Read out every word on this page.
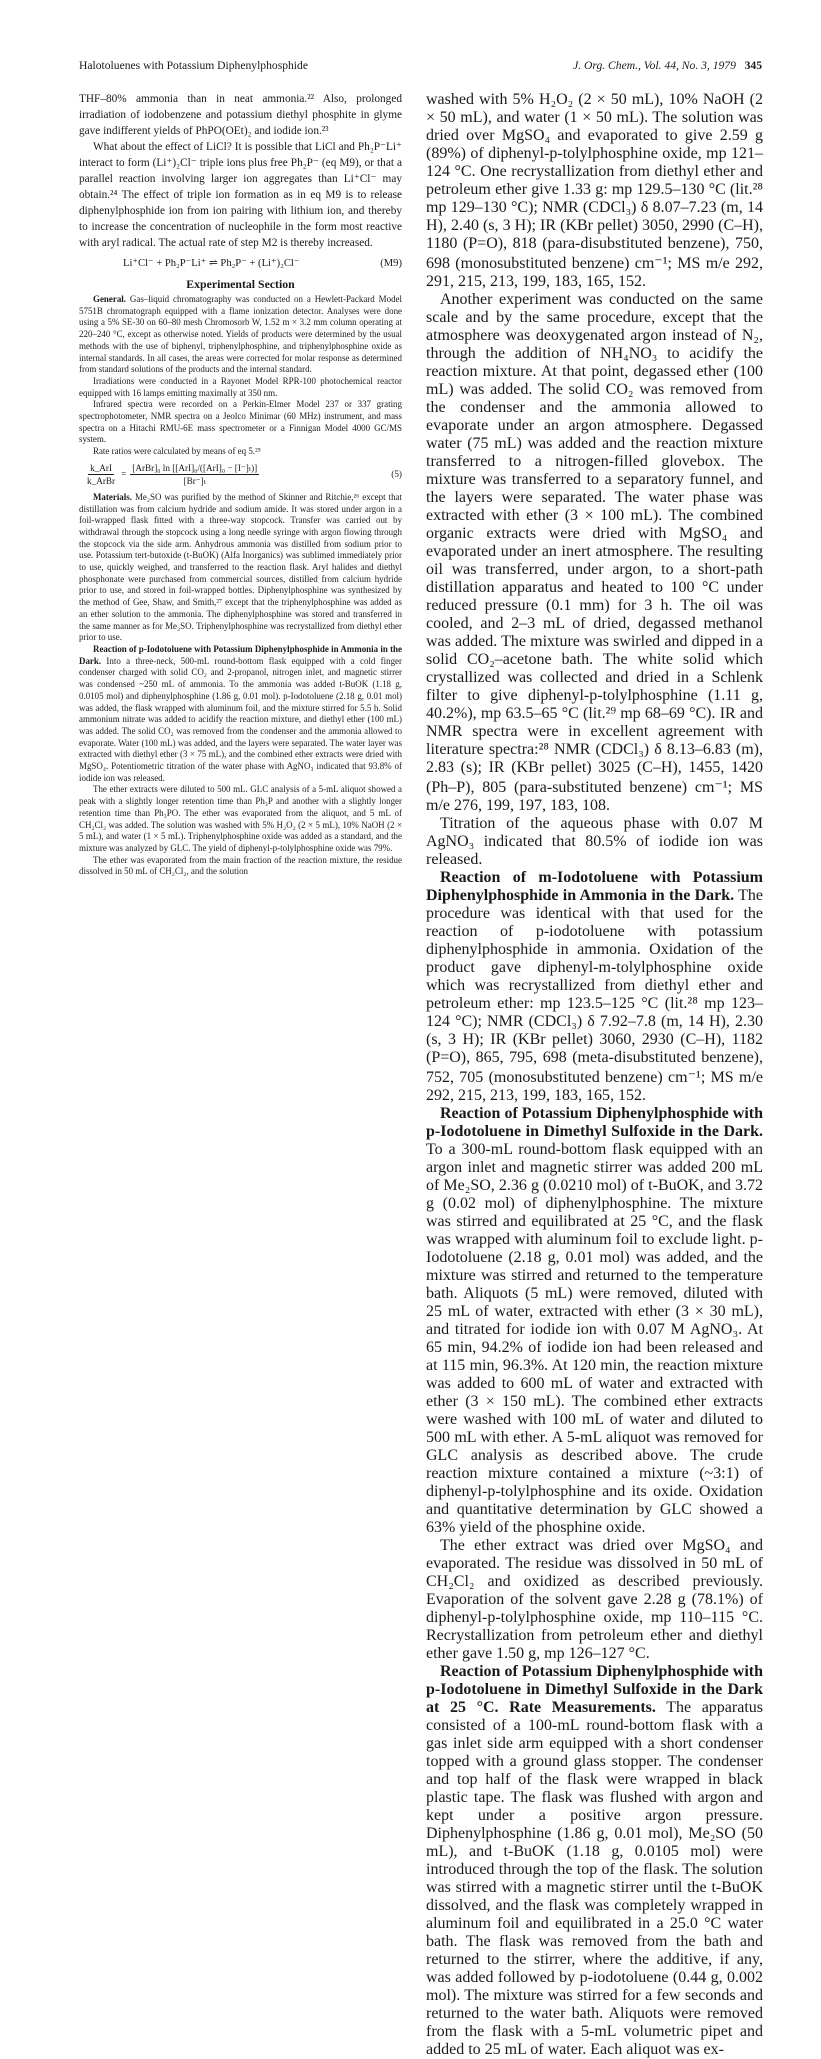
Halotoluenes with Potassium Diphenylphosphide	J. Org. Chem., Vol. 44, No. 3, 1979 345

THF–80% ammonia than in neat ammonia.²² Also, prolonged irradiation of iodobenzene and potassium diethyl phosphite in glyme gave indifferent yields of PhPO(OEt)₂ and iodide ion.²³

What about the effect of LiCl? It is possible that LiCl and Ph₂P⁻Li⁺ interact to form (Li⁺)₂Cl⁻ triple ions plus free Ph₂P⁻ (eq M9), or that a parallel reaction involving larger ion aggregates than Li⁺Cl⁻ may obtain.²⁴ The effect of triple ion formation as in eq M9 is to release diphenylphosphide ion from ion pairing with lithium ion, and thereby to increase the concentration of nucleophile in the form most reactive with aryl radical. The actual rate of step M2 is thereby increased.

Li⁺Cl⁻ + Ph₂P⁻Li⁺ ⇌ Ph₂P⁻ + (Li⁺)₂Cl⁻	(M9)
Experimental Section

General. Gas–liquid chromatography was conducted on a Hewlett-Packard Model 5751B chromatograph equipped with a flame ionization detector. Analyses were done using a 5% SE-30 on 60–80 mesh Chromosorb W, 1.52 m × 3.2 mm column operating at 220–240 °C, except as otherwise noted. Yields of products were determined by the usual methods with the use of biphenyl, triphenylphosphine, and triphenylphosphine oxide as internal standards. In all cases, the areas were corrected for molar response as determined from standard solutions of the products and the internal standard.

Irradiations were conducted in a Rayonet Model RPR-100 photochemical reactor equipped with 16 lamps emitting maximally at 350 nm.

Infrared spectra were recorded on a Perkin-Elmer Model 237 or 337 grating spectrophotometer, NMR spectra on a Jeolco Minimar (60 MHz) instrument, and mass spectra on a Hitachi RMU-6E mass spectrometer or a Finnigan Model 4000 GC/MS system.

Rate ratios were calculated by means of eq 5.²⁵

$\frac{\text{k\_ArI}}{\text{k\_ArBr}} = \frac{\text{[ArBr]₀ ln [[ArI]₀/([ArI]₀ − [I⁻]ₜ)]}}{\text{[Br⁻]ₜ}}$	(5)

Materials. Me₂SO was purified by the method of Skinner and Ritchie,²⁶ except that distillation was from calcium hydride and sodium amide. It was stored under argon in a foil-wrapped flask fitted with a three-way stopcock. Transfer was carried out by withdrawal through the stopcock using a long needle syringe with argon flowing through the stopcock via the side arm. Anhydrous ammonia was distilled from sodium prior to use. Potassium tert-butoxide (t-BuOK) (Alfa Inorganics) was sublimed immediately prior to use, quickly weighed, and transferred to the reaction flask. Aryl halides and diethyl phosphonate were purchased from commercial sources, distilled from calcium hydride prior to use, and stored in foil-wrapped bottles. Diphenylphosphine was synthesized by the method of Gee, Shaw, and Smith,²⁷ except that the triphenylphosphine was added as an ether solution to the ammonia. The diphenylphosphine was stored and transferred in the same manner as for Me₂SO. Triphenylphosphine was recrystallized from diethyl ether prior to use.

Reaction of p-Iodotoluene with Potassium Diphenylphosphide in Ammonia in the Dark. Into a three-neck, 500-mL round-bottom flask equipped with a cold finger condenser charged with solid CO₂ and 2-propanol, nitrogen inlet, and magnetic stirrer was condensed ~250 mL of ammonia. To the ammonia was added t-BuOK (1.18 g, 0.0105 mol) and diphenylphosphine (1.86 g, 0.01 mol). p-Iodotoluene (2.18 g, 0.01 mol) was added, the flask wrapped with aluminum foil, and the mixture stirred for 5.5 h. Solid ammonium nitrate was added to acidify the reaction mixture, and diethyl ether (100 mL) was added. The solid CO₂ was removed from the condenser and the ammonia allowed to evaporate. Water (100 mL) was added, and the layers were separated. The water layer was extracted with diethyl ether (3 × 75 mL), and the combined ether extracts were dried with MgSO₄. Potentiometric titration of the water phase with AgNO₃ indicated that 93.8% of iodide ion was released.

The ether extracts were diluted to 500 mL. GLC analysis of a 5-mL aliquot showed a peak with a slightly longer retention time than Ph₃P and another with a slightly longer retention time than Ph₃PO. The ether was evaporated from the aliquot, and 5 mL of CH₂Cl₂ was added. The solution was washed with 5% H₂O₂ (2 × 5 mL), 10% NaOH (2 × 5 mL), and water (1 × 5 mL). Triphenylphosphine oxide was added as a standard, and the mixture was analyzed by GLC. The yield of diphenyl-p-tolylphosphine oxide was 79%.

The ether was evaporated from the main fraction of the reaction mixture, the residue dissolved in 50 mL of CH₂Cl₂, and the solution

washed with 5% H₂O₂ (2 × 50 mL), 10% NaOH (2 × 50 mL), and water (1 × 50 mL). The solution was dried over MgSO₄ and evaporated to give 2.59 g (89%) of diphenyl-p-tolylphosphine oxide, mp 121–124 °C. One recrystallization from diethyl ether and petroleum ether give 1.33 g: mp 129.5–130 °C (lit.²⁸ mp 129–130 °C); NMR (CDCl₃) δ 8.07–7.23 (m, 14 H), 2.40 (s, 3 H); IR (KBr pellet) 3050, 2990 (C–H), 1180 (P=O), 818 (para-disubstituted benzene), 750, 698 (monosubstituted benzene) cm⁻¹; MS m/e 292, 291, 215, 213, 199, 183, 165, 152.

Another experiment was conducted on the same scale and by the same procedure, except that the atmosphere was deoxygenated argon instead of N₂, through the addition of NH₄NO₃ to acidify the reaction mixture. At that point, degassed ether (100 mL) was added. The solid CO₂ was removed from the condenser and the ammonia allowed to evaporate under an argon atmosphere. Degassed water (75 mL) was added and the reaction mixture transferred to a nitrogen-filled glovebox. The mixture was transferred to a separatory funnel, and the layers were separated. The water phase was extracted with ether (3 × 100 mL). The combined organic extracts were dried with MgSO₄ and evaporated under an inert atmosphere. The resulting oil was transferred, under argon, to a short-path distillation apparatus and heated to 100 °C under reduced pressure (0.1 mm) for 3 h. The oil was cooled, and 2–3 mL of dried, degassed methanol was added. The mixture was swirled and dipped in a solid CO₂–acetone bath. The white solid which crystallized was collected and dried in a Schlenk filter to give diphenyl-p-tolylphosphine (1.11 g, 40.2%), mp 63.5–65 °C (lit.²⁹ mp 68–69 °C). IR and NMR spectra were in excellent agreement with literature spectra:²⁸ NMR (CDCl₃) δ 8.13–6.83 (m), 2.83 (s); IR (KBr pellet) 3025 (C–H), 1455, 1420 (Ph–P), 805 (para-substituted benzene) cm⁻¹; MS m/e 276, 199, 197, 183, 108.

Titration of the aqueous phase with 0.07 M AgNO₃ indicated that 80.5% of iodide ion was released.

Reaction of m-Iodotoluene with Potassium Diphenylphosphide in Ammonia in the Dark. The procedure was identical with that used for the reaction of p-iodotoluene with potassium diphenylphosphide in ammonia. Oxidation of the product gave diphenyl-m-tolylphosphine oxide which was recrystallized from diethyl ether and petroleum ether: mp 123.5–125 °C (lit.²⁸ mp 123–124 °C); NMR (CDCl₃) δ 7.92–7.8 (m, 14 H), 2.30 (s, 3 H); IR (KBr pellet) 3060, 2930 (C–H), 1182 (P=O), 865, 795, 698 (meta-disubstituted benzene), 752, 705 (monosubstituted benzene) cm⁻¹; MS m/e 292, 215, 213, 199, 183, 165, 152.

Reaction of Potassium Diphenylphosphide with p-Iodotoluene in Dimethyl Sulfoxide in the Dark. To a 300-mL round-bottom flask equipped with an argon inlet and magnetic stirrer was added 200 mL of Me₂SO, 2.36 g (0.0210 mol) of t-BuOK, and 3.72 g (0.02 mol) of diphenylphosphine. The mixture was stirred and equilibrated at 25 °C, and the flask was wrapped with aluminum foil to exclude light. p-Iodotoluene (2.18 g, 0.01 mol) was added, and the mixture was stirred and returned to the temperature bath. Aliquots (5 mL) were removed, diluted with 25 mL of water, extracted with ether (3 × 30 mL), and titrated for iodide ion with 0.07 M AgNO₃. At 65 min, 94.2% of iodide ion had been released and at 115 min, 96.3%. At 120 min, the reaction mixture was added to 600 mL of water and extracted with ether (3 × 150 mL). The combined ether extracts were washed with 100 mL of water and diluted to 500 mL with ether. A 5-mL aliquot was removed for GLC analysis as described above. The crude reaction mixture contained a mixture (~3:1) of diphenyl-p-tolylphosphine and its oxide. Oxidation and quantitative determination by GLC showed a 63% yield of the phosphine oxide.

The ether extract was dried over MgSO₄ and evaporated. The residue was dissolved in 50 mL of CH₂Cl₂ and oxidized as described previously. Evaporation of the solvent gave 2.28 g (78.1%) of diphenyl-p-tolylphosphine oxide, mp 110–115 °C. Recrystallization from petroleum ether and diethyl ether gave 1.50 g, mp 126–127 °C.

Reaction of Potassium Diphenylphosphide with p-Iodotoluene in Dimethyl Sulfoxide in the Dark at 25 °C. Rate Measurements. The apparatus consisted of a 100-mL round-bottom flask with a gas inlet side arm equipped with a short condenser topped with a ground glass stopper. The condenser and top half of the flask were wrapped in black plastic tape. The flask was flushed with argon and kept under a positive argon pressure. Diphenylphosphine (1.86 g, 0.01 mol), Me₂SO (50 mL), and t-BuOK (1.18 g, 0.0105 mol) were introduced through the top of the flask. The solution was stirred with a magnetic stirrer until the t-BuOK dissolved, and the flask was completely wrapped in aluminum foil and equilibrated in a 25.0 °C water bath. The flask was removed from the bath and returned to the stirrer, where the additive, if any, was added followed by p-iodotoluene (0.44 g, 0.002 mol). The mixture was stirred for a few seconds and returned to the water bath. Aliquots were removed from the flask with a 5-mL volumetric pipet and added to 25 mL of water. Each aliquot was ex-
